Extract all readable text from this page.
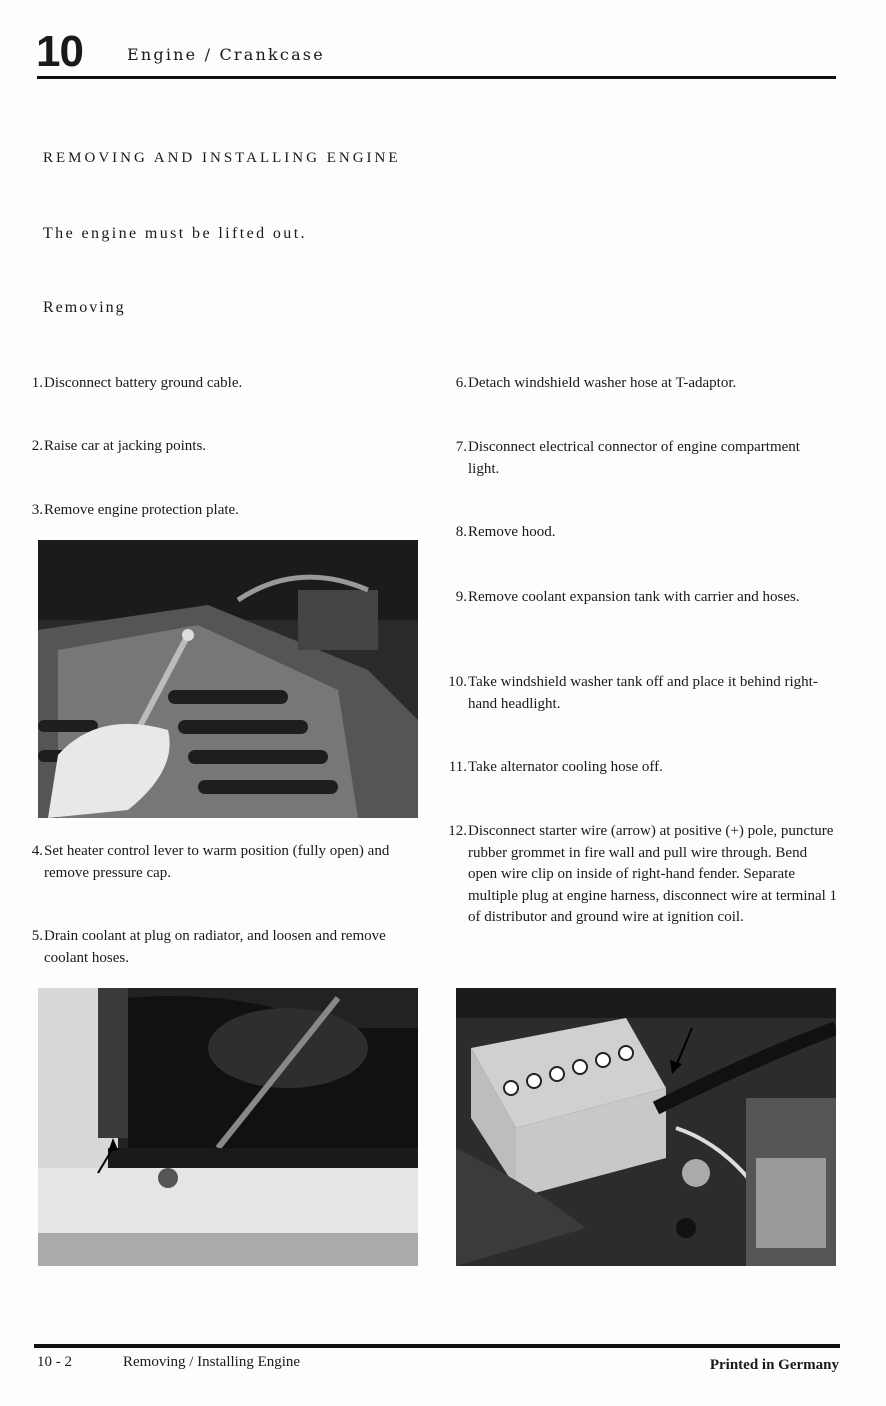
10	Engine / Crankcase
REMOVING AND INSTALLING ENGINE
The engine must be lifted out.
Removing
1. Disconnect battery ground cable.
2. Raise car at jacking points.
3. Remove engine protection plate.
4. Set heater control lever to warm position (fully open) and remove pressure cap.
5. Drain coolant at plug on radiator, and loosen and remove coolant hoses.
6. Detach windshield washer hose at T-adaptor.
7. Disconnect electrical connector of engine compartment light.
8. Remove hood.
9. Remove coolant expansion tank with carrier and hoses.
10. Take windshield washer tank off and place it behind right-hand headlight.
11. Take alternator cooling hose off.
12. Disconnect starter wire (arrow) at positive (+) pole, puncture rubber grommet in fire wall and pull wire through. Bend open wire clip on inside of right-hand fender. Separate multiple plug at engine harness, disconnect wire at terminal 1 of distributor and ground wire at ignition coil.
10 - 2	Removing / Installing Engine	Printed in Germany
